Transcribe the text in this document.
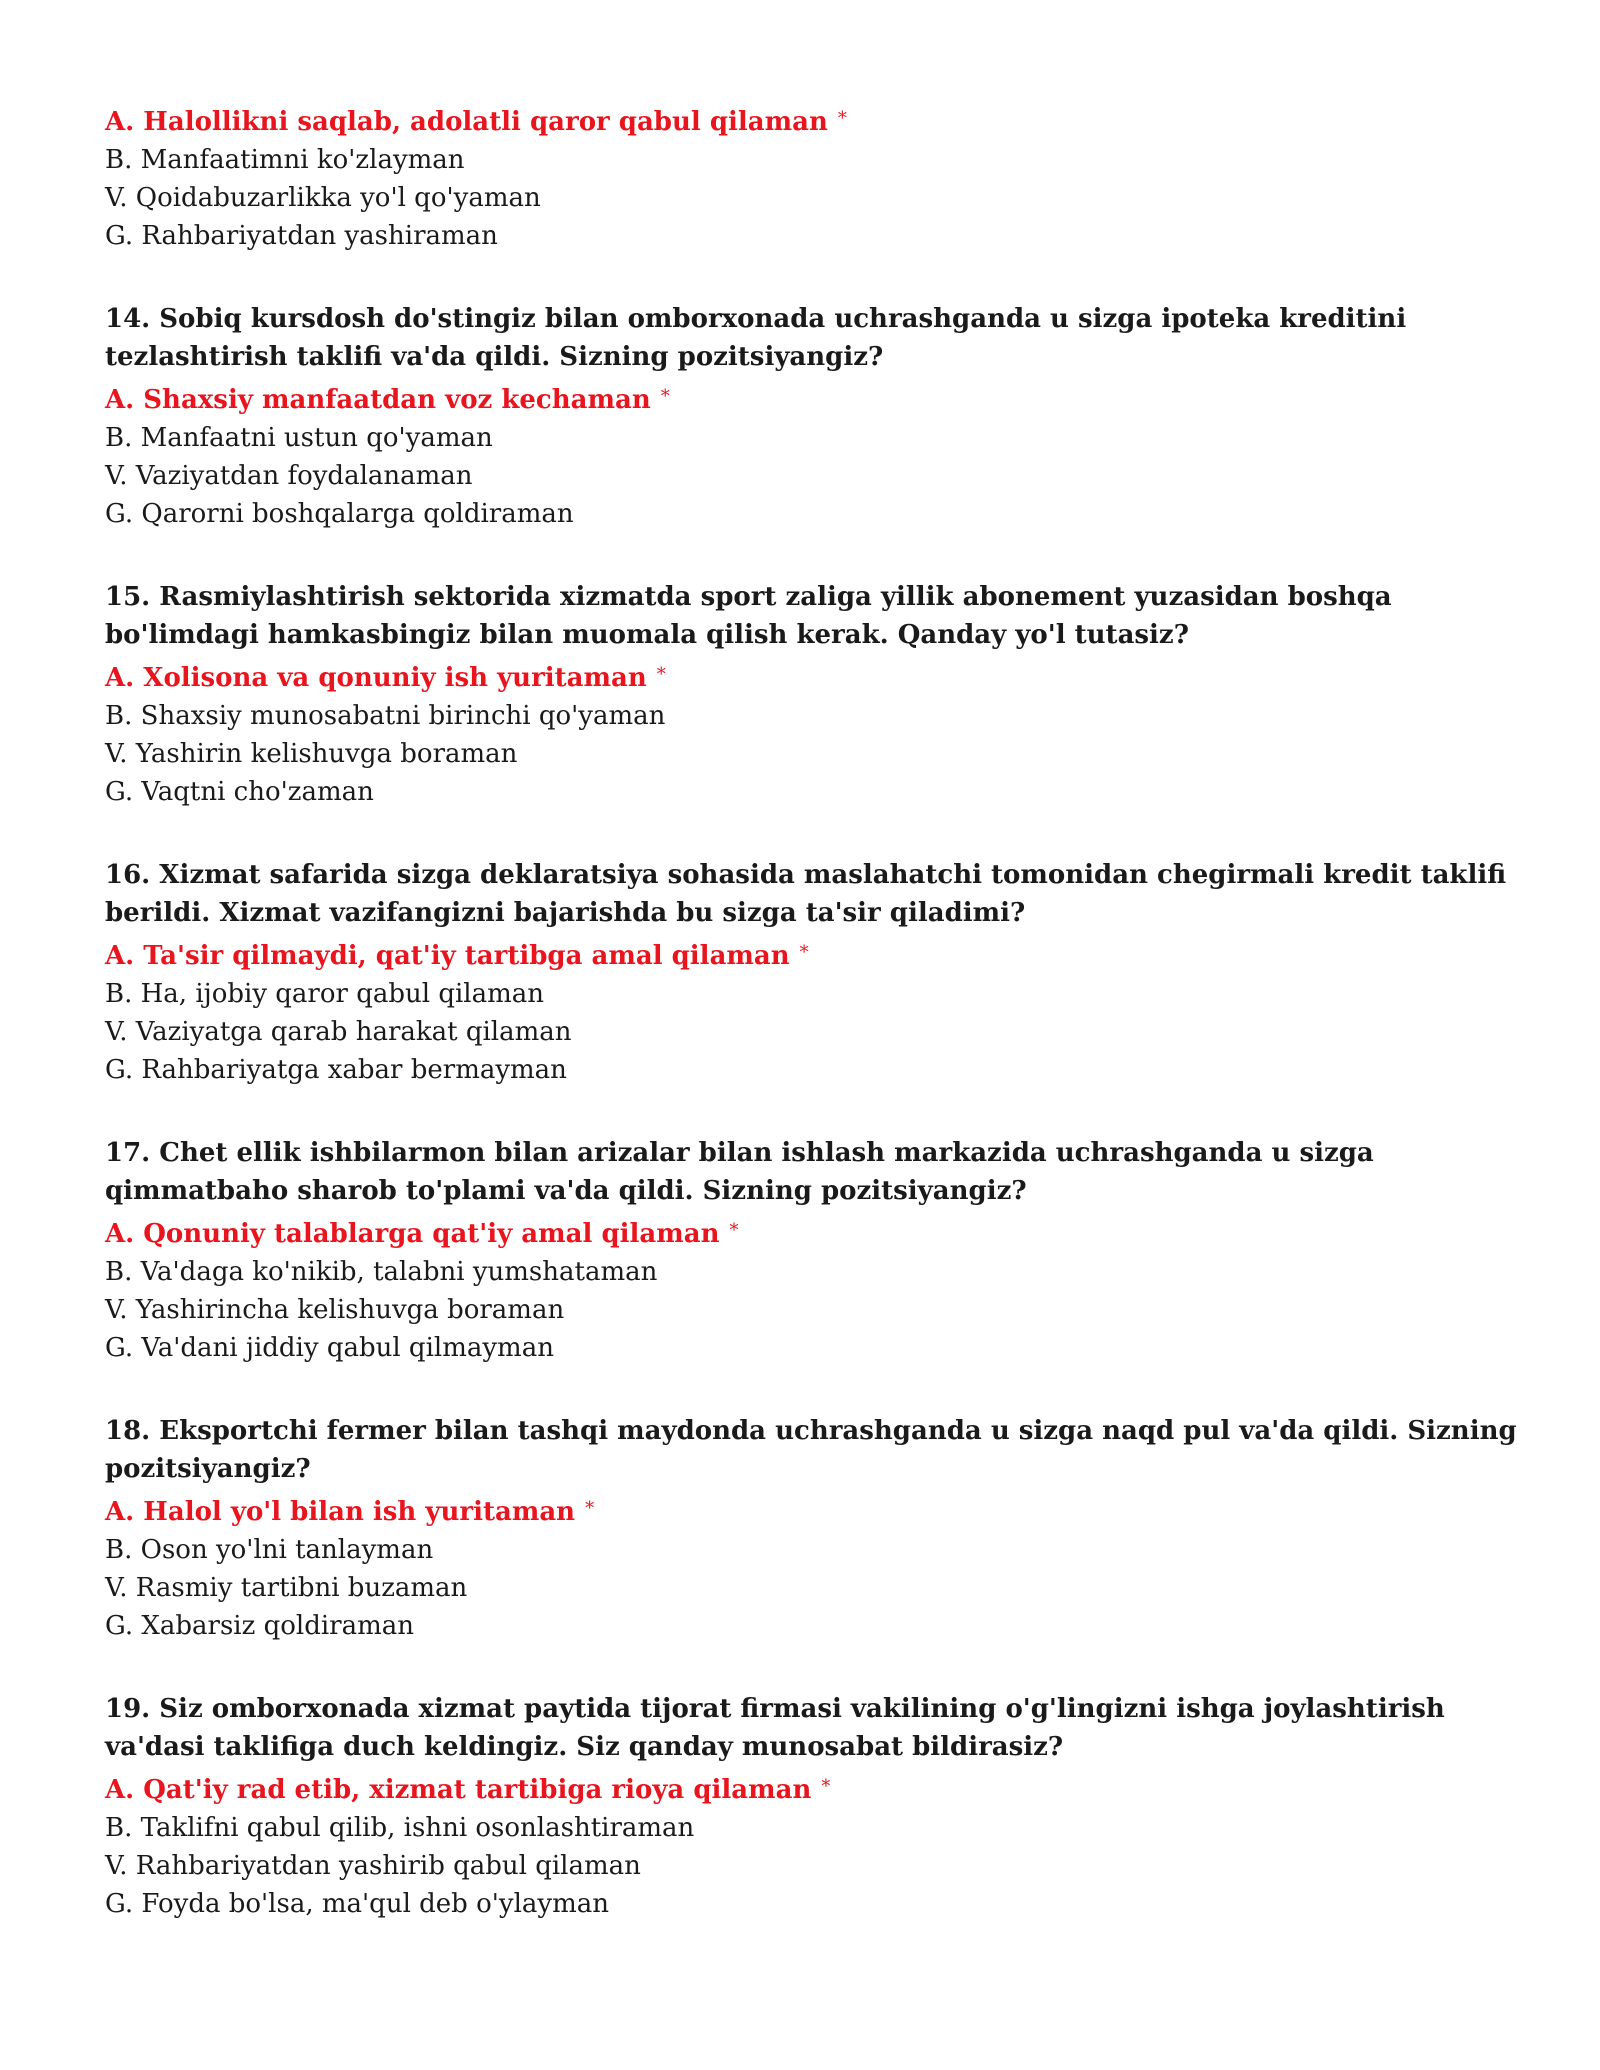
A. Halollikni saqlab, adolatli qaror qabul qilaman *

B. Manfaatimni ko'zlayman

V. Qoidabuzarlikka yo'l qo'yaman

G. Rahbariyatdan yashiraman

14. Sobiq kursdosh do'stingiz bilan omborxonada uchrashganda u sizga ipoteka kreditini tezlashtirish taklifi va'da qildi. Sizning pozitsiyangiz?

A. Shaxsiy manfaatdan voz kechaman *

B. Manfaatni ustun qo'yaman

V. Vaziyatdan foydalanaman

G. Qarorni boshqalarga qoldiraman

15. Rasmiylashtirish sektorida xizmatda sport zaliga yillik abonement yuzasidan boshqa bo'limdagi hamkasbingiz bilan muomala qilish kerak. Qanday yo'l tutasiz?

A. Xolisona va qonuniy ish yuritaman *

B. Shaxsiy munosabatni birinchi qo'yaman

V. Yashirin kelishuvga boraman

G. Vaqtni cho'zaman

16. Xizmat safarida sizga deklaratsiya sohasida maslahatchi tomonidan chegirmali kredit taklifi berildi. Xizmat vazifangizni bajarishda bu sizga ta'sir qiladimi?

A. Ta'sir qilmaydi, qat'iy tartibga amal qilaman *

B. Ha, ijobiy qaror qabul qilaman

V. Vaziyatga qarab harakat qilaman

G. Rahbariyatga xabar bermayman

17. Chet ellik ishbilarmon bilan arizalar bilan ishlash markazida uchrashganda u sizga qimmatbaho sharob to'plami va'da qildi. Sizning pozitsiyangiz?

A. Qonuniy talablarga qat'iy amal qilaman *

B. Va'daga ko'nikib, talabni yumshataman

V. Yashirincha kelishuvga boraman

G. Va'dani jiddiy qabul qilmayman

18. Eksportchi fermer bilan tashqi maydonda uchrashganda u sizga naqd pul va'da qildi. Sizning pozitsiyangiz?

A. Halol yo'l bilan ish yuritaman *

B. Oson yo'lni tanlayman

V. Rasmiy tartibni buzaman

G. Xabarsiz qoldiraman

19. Siz omborxonada xizmat paytida tijorat firmasi vakilining o'g'lingizni ishga joylashtirish va'dasi taklifiga duch keldingiz. Siz qanday munosabat bildirasiz?

A. Qat'iy rad etib, xizmat tartibiga rioya qilaman *

B. Taklifni qabul qilib, ishni osonlashtiraman

V. Rahbariyatdan yashirib qabul qilaman

G. Foyda bo'lsa, ma'qul deb o'ylayman
